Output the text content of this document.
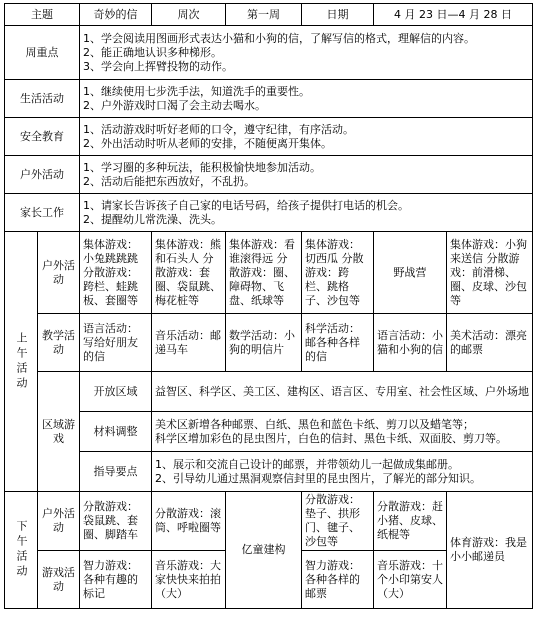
主题		奇妙的信	周次	第一周	日期	4 月 23 日—4 月 28 日	
周重点		1、学会阅读用图画形式表达小猫和小狗的信，了解写信的格式，理解信的内容。
2、能正确地认识多种梯形。
3、学会向上挥臂投物的动作。					

生活活动		1、继续使用七步洗手法，知道洗手的重要性。
2、户外游戏时口渴了会主动去喝水。					

安全教育		1、活动游戏时听好老师的口令，遵守纪律，有序活动。
2、外出活动时听从老师的安排，不随便离开集体。					

户外活动		1、学习圈的多种玩法，能积极愉快地参加活动。
2、活动后能把东西放好，不乱扔。					

家长工作		1、请家长告诉孩子自己家的电话号码，给孩子提供打电话的机会。
2、提醒幼儿常洗澡、洗头。					

上午活动	户外活动	集体游戏：小兔跳跳跳 分散游戏：跨栏、蛙跳板、套圈等	集体游戏：熊和石头人 分散游戏：套圈、袋鼠跳、梅花桩等	集体游戏：看谁滚得远 分散游戏：圈、障碍物、飞盘、纸球等	集体游戏：切西瓜 分散游戏：跨栏、跳格子、沙包等	野战营	集体游戏：小狗来送信 分散游戏：前滑梯、圈、皮球、沙包等
	教学活动	语言活动：写给好朋友的信	音乐活动：邮递马车	数学活动：小狗的明信片	科学活动：邮各种各样的信	语言活动：小猫和小狗的信	美术活动：漂亮的邮票
	区域游戏	开放区域	益智区、科学区、美工区、建构区、语言区、专用室、社会性区域、户外场地				
		材料调整	美术区新增各种邮票、白纸、黑色和蓝色卡纸、剪刀以及蜡笔等；
科学区增加彩色的昆虫图片，白色的信封、黑色卡纸、双面胶、剪刀等。				

		指导要点	1、展示和交流自己设计的邮票，并带领幼儿一起做成集邮册。
2、引导幼儿通过黑洞观察信封里的昆虫图片，了解光的部分知识。				

下午活动	户外活动	分散游戏：袋鼠跳、套圈、脚踏车	分散游戏：滚筒、呼啦圈等	亿童建构	分散游戏：垫子、拱形门、毽子、沙包等	分散游戏：赶小猪、皮球、纸棍等	体育游戏：我是小小邮递员
	游戏活动	智力游戏：各种有趣的标记	音乐游戏：大家快快来拍拍（大）		智力游戏：各种各样的邮票	音乐游戏：十个小印第安人（大）	
